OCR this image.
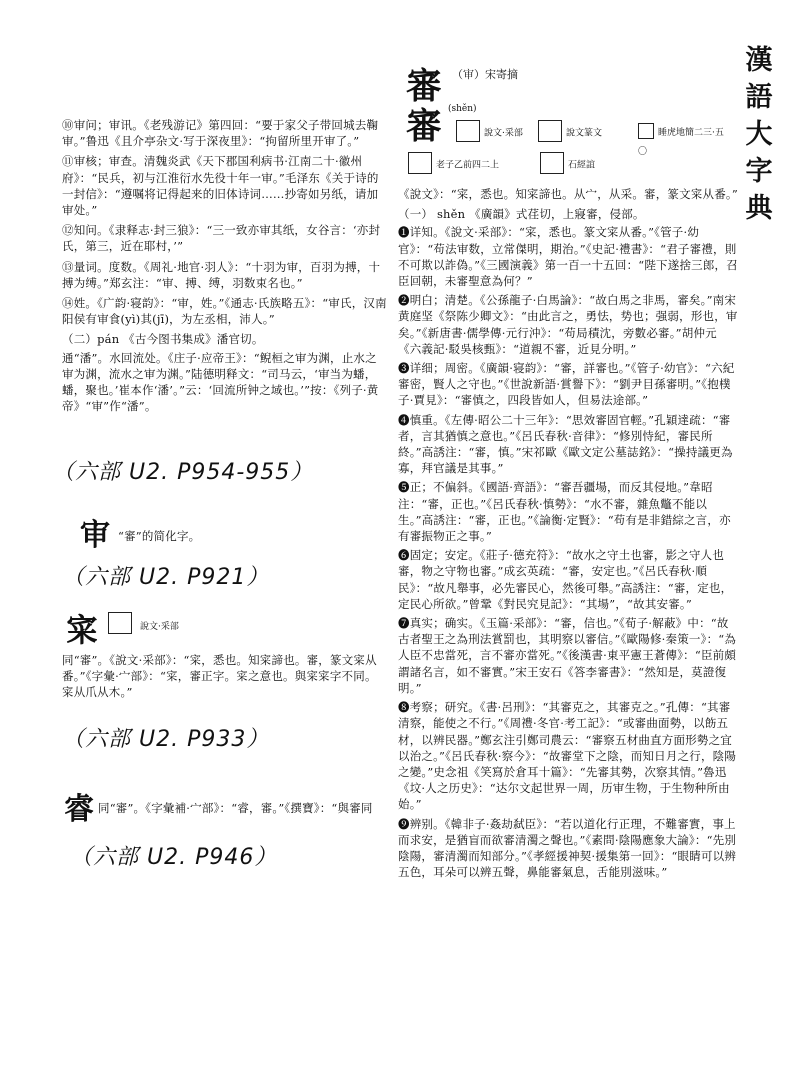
漢
語
大
字
典
⑩审问；审讯。《老残游记》第四回：“要于家父子带回城去鞠审。”鲁迅《且介亭杂文·写于深夜里》：“拘留所里开审了。”
⑪审核；审查。清魏炎武《天下郡国利病书·江南二十·徽州府》：“民兵，初与江淮衍水先役十年一审。”毛泽东《关于诗的一封信》：“遵嘱将记得起来的旧体诗词……抄寄如另纸，请加审处。”
⑫知问。《隶释志·封三狼》：“三一致亦审其纸，女谷言：‘亦封氏，第三，近在耶村，’”
⑬量词。度数。《周礼·地官·羽人》：“十羽为审，百羽为搏，十搏为缚。”郑玄注：“审、搏、缚，羽数束名也。”
⑭姓。《广韵·寝韵》：“审，姓。”《通志·氏族略五》：“审氏，汉南阳侯有审食(yì)其(jī)，为左丞相，沛人。”
（二）pán 《古今图书集成》潘官切。
通“潘”。水回流处。《庄子·应帝王》：“鲵桓之审为渊，止水之审为渊，流水之审为渊。”陆德明释文：“司马云，‘审当为蟠，蟠，聚也。’崔本作‘潘’。”云：‘回流所钟之域也。’”按：《列子·黄帝》“审”作“潘”。
（六部 U2. P954-955）
审 “審”的简化字。
（六部 U2. P921）
寀	說文·采部
同“審”。《說文·采部》：“寀，悉也。知寀諦也。審，篆文寀从番。”《字彙·宀部》：“寀，審正字。寀之意也。與寀寀字不同。寀从爪从木。”
（六部 U2. P933）
睿 同“審”。《字彙補·宀部》：“睿，審。”《撰寶》：“與審同
（六部 U2. P946）
審 （审）宋寄摘
審 (shěn)
說文·采部	說文篆文	睡虎地簡二三·五〇
老子乙前四二上	石經誼
《說文》：“寀，悉也。知寀諦也。从宀，从采。審，篆文寀从番。”
（一） shěn 《廣韻》式荏切，上寢審，侵部。
❶详知。《說文·采部》：“寀，悉也。篆文寀从番。”《管子·幼官》：“苟法审数，立常傑明，期治。”《史記·禮書》：“君子審禮，則不可欺以詐偽。”《三國演義》第一百一十五回：“陛下遂捨三郎，召臣回朝，未審聖意為何？”
❷明白；清楚。《公孫龍子·白馬論》：“故白馬之非馬，審矣。”南宋黄庭坚《祭陈少卿文》：“由此言之，勇怯，势也；强弱，形也，审矣。”《新唐書·儒學傳·元行沖》：“苟局積沈，旁數必審。”胡仲元《六義記·駁吳核甄》：“道親不審，近見分明。”
❸详细；周密。《廣韻·寝韵》：“審，詳審也。”《管子·幼官》：“六紀審密，賢人之守也。”《世說新語·賞譽下》：“劉尹目孫審明。”《抱樸子·賈見》：“審慎之，四段皆如人，但易法途部。”
❹慎重。《左傳·昭公二十三年》：“思效審固官輕。”孔穎達疏：“審者，言其猶慎之意也。”《呂氏春秋·音律》：“修別恃紀，審民所終。”高誘注：“審，慎。”宋祁歐《歐文定公墓誌銘》：“操持議更為寡，拜官議是其事。”
❺正；不偏斜。《國語·齊語》：“審吾疆場，而反其侵地。”韋昭注：“審，正也。”《呂氏春秋·慎勢》：“水不審，雜魚鼈不能以生。”高誘注：“審，正也。”《論衡·定賢》：“苟有是非錯綜之言，亦有審振物正之事。”
❻固定；安定。《莊子·德充符》：“故水之守土也審，影之守人也審，物之守物也審。”成玄英疏：“審，安定也。”《呂氏春秋·順民》：“故凡舉事，必先審民心，然後可舉。”高誘注：“審，定也，定民心所欲。”曾鞏《對民究見記》：“其場”，“故其安審。”
❼真实；确实。《玉篇·采部》：“審，信也。”《荀子·解蔽》中：“故古者聖王之為刑法賞罰也，其明察以審信。”《歐陽修·秦策一》：“為人臣不忠當死，言不審亦當死。”《後漢書·東平憲王蒼傳》：“臣前頗謂諸名言，如不審實。”宋王安石《答李審書》：“然知是，莫證復明。”
❽考察；研究。《書·呂刑》：“其審克之，其審克之。”孔傳：“其審清察，能使之不行。”《周禮·冬官·考工記》：“或審曲面勢，以飭五材，以辨民器。”鄭玄注引鄭司農云：“審察五材曲直方面形勢之宜以治之。”《呂氏春秋·察今》：“故審堂下之陰，而知日月之行，陰陽之變。”史念祖《笑寫於倉耳十篇》：“先審其勢，次察其情。”魯迅《坟·人之历史》：“达尔文起世界一周，历审生物，于生物种所由始。”
❾辨别。《韓非子·姦劫弑臣》：“若以道化行正理，不難審實，事上而求安，是猶盲而欲審清濁之聲也。”《素問·陰陽應象大論》：“先別陰陽，審清濁而知部分。”《孝經援神契·援集第一回》：“眼睛可以辨五色，耳朵可以辨五聲，鼻能審氣息，舌能別滋味。”
